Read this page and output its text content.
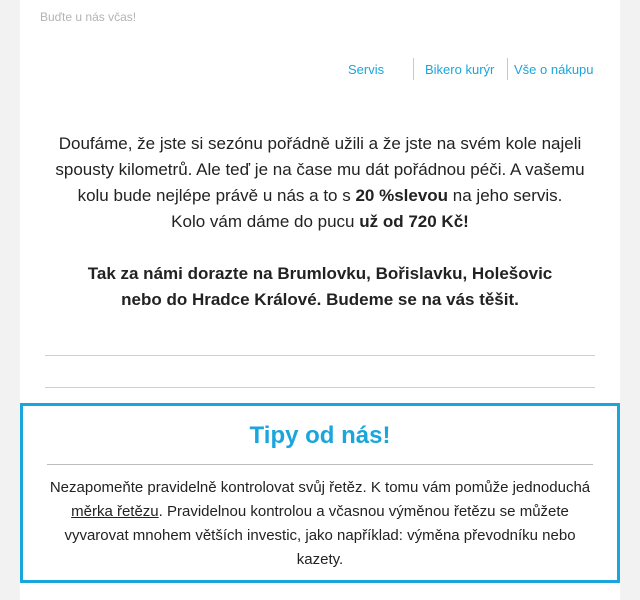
Buďte u nás včas!
Servis	Bikero kurýr Vše o nákupu

Doufáme, že jste si sezónu pořádně užili a že jste na svém kole najeli spousty kilometrů. Ale teď je na čase mu dát pořádnou péči. A vašemu kolu bude nejlépe právě u nás a to s 20 %slevou na jeho servis.

Kolo vám dáme do pucu už od 720 Kč!

Tak za námi dorazte na Brumlovku, Bořislavku, Holešovic nebo do Hradce Králové. Budeme se na vás těšit.

Tipy od nás!
Nezapomeňte pravidelně kontrolovat svůj řetěz. K tomu vám pomůže jednoduchá měrka řetězu. Pravidelnou kontrolou a včasnou výměnou řetězu se můžete vyvarovat mnohem větších investic, jako například: výměna převodníku nebo kazety.
